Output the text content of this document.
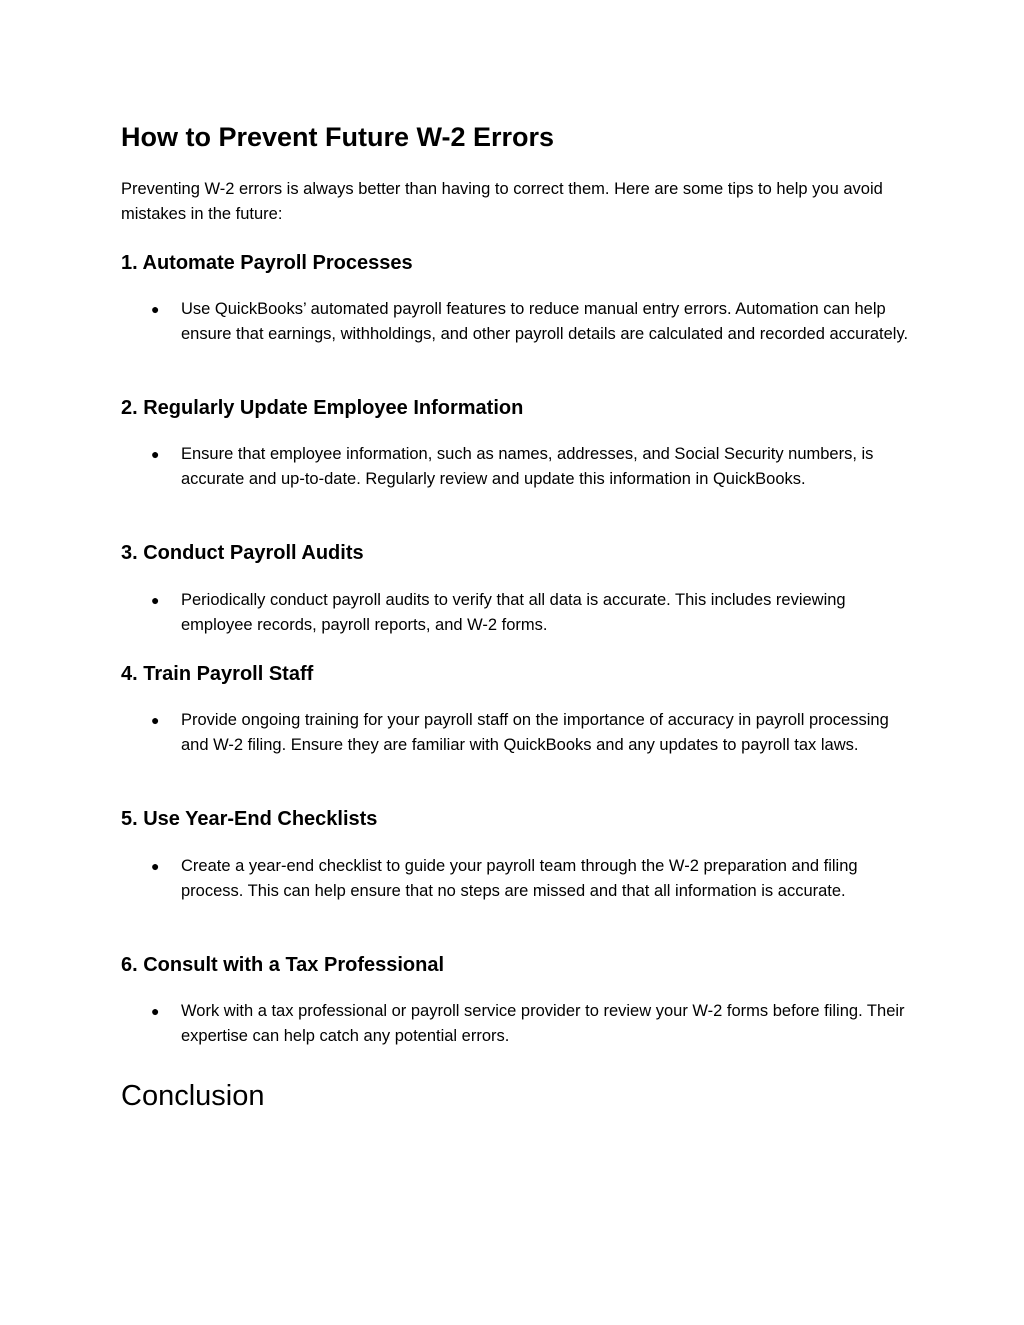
How to Prevent Future W-2 Errors

Preventing W-2 errors is always better than having to correct them. Here are some tips to help you avoid mistakes in the future:

1. Automate Payroll Processes
●	Use QuickBooks’ automated payroll features to reduce manual entry errors. Automation can help ensure that earnings, withholdings, and other payroll details are calculated and recorded accurately.
2. Regularly Update Employee Information
●	Ensure that employee information, such as names, addresses, and Social Security numbers, is accurate and up-to-date. Regularly review and update this information in QuickBooks.
3. Conduct Payroll Audits
●	Periodically conduct payroll audits to verify that all data is accurate. This includes reviewing employee records, payroll reports, and W-2 forms.
4. Train Payroll Staff
●	Provide ongoing training for your payroll staff on the importance of accuracy in payroll processing and W-2 filing. Ensure they are familiar with QuickBooks and any updates to payroll tax laws.
5. Use Year-End Checklists
●	Create a year-end checklist to guide your payroll team through the W-2 preparation and filing process. This can help ensure that no steps are missed and that all information is accurate.
6. Consult with a Tax Professional
●	Work with a tax professional or payroll service provider to review your W-2 forms before filing. Their expertise can help catch any potential errors.
Conclusion
